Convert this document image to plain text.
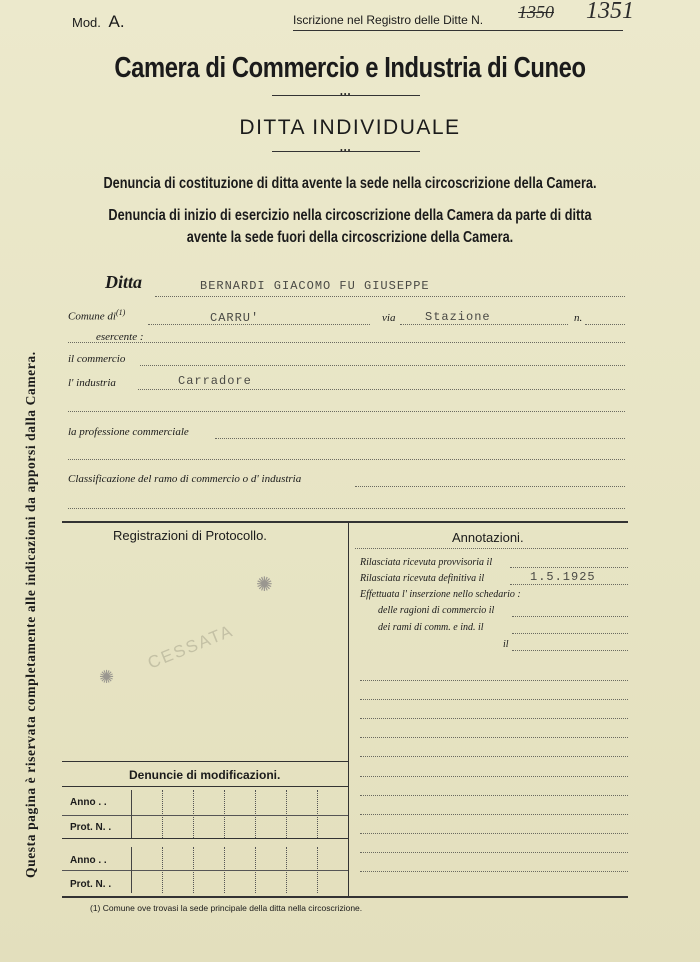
Mod. A.	Iscrizione nel Registro delle Ditte N. 1350 1351
Camera di Commercio e Industria di Cuneo
•••
DITTA INDIVIDUALE
•••
Denuncia di costituzione di ditta avente la sede nella circoscrizione della Camera.
Denuncia di inizio di esercizio nella circoscrizione della Camera da parte di ditta
avente la sede fuori della circoscrizione della Camera.
Questa pagina è riservata completamente alle indicazioni da apporsi dalla Camera.
Ditta	BERNARDI GIACOMO FU GIUSEPPE
Comune $di^{(1)}$	CARRU'	via Stazione	n.
esercente :
il commercio
l' industria	Carradore
la professione commerciale
Classificazione del ramo di commercio o d' industria
Registrazioni di Protocollo.
CESSATA
✺
✺
Annotazioni.
Rilasciata ricevuta provvisoria il
Rilasciata ricevuta definitiva il	1.5.1925
Effettuata l' inserzione nello schedario :
delle ragioni di commercio il
dei rami di comm. e ind. il
il
Denuncie di modificazioni.
Anno . .
Prot. N. .
Anno . .
Prot. N. .
(1) Comune ove trovasi la sede principale della ditta nella circoscrizione.
